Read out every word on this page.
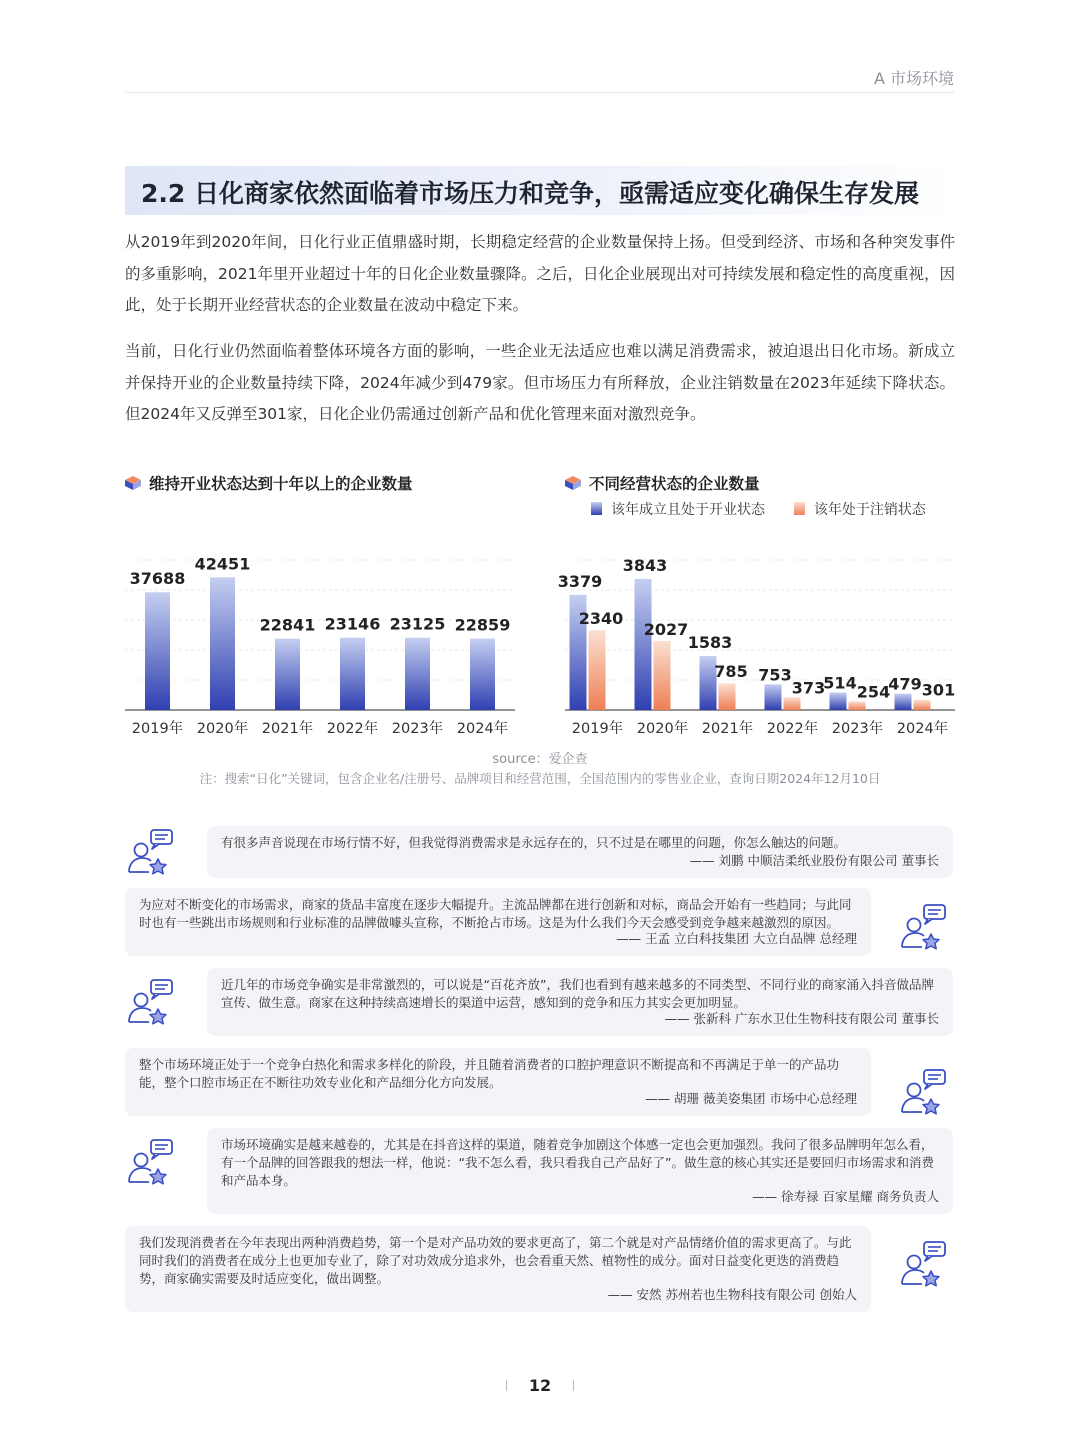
A 市场环境
2.2 日化商家依然面临着市场压力和竞争，亟需适应变化确保生存发展
从2019年到2020年间，日化行业正值鼎盛时期，长期稳定经营的企业数量保持上扬。但受到经济、市场和各种突发事件的多重影响，2021年里开业超过十年的日化企业数量骤降。之后，日化企业展现出对可持续发展和稳定性的高度重视，因此，处于长期开业经营状态的企业数量在波动中稳定下来。
当前，日化行业仍然面临着整体环境各方面的影响，一些企业无法适应也难以满足消费需求，被迫退出日化市场。新成立并保持开业的企业数量持续下降，2024年减少到479家。但市场压力有所释放，企业注销数量在2023年延续下降状态。但2024年又反弹至301家，日化企业仍需通过创新产品和优化管理来面对激烈竞争。
维持开业状态达到十年以上的企业数量
37688
2019年
42451
2020年
22841
2021年
23146
2022年
23125
2023年
22859
2024年
不同经营状态的企业数量
该年成立且处于开业状态	该年处于注销状态
3379
2340
2019年
3843
2027
2020年
1583
785
2021年
753
373
2022年
514 254
2023年
479 301
2024年
source：爱企查
注：搜索“日化”关键词，包含企业名/注册号、品牌项目和经营范围，全国范围内的零售业企业，查询日期2024年12月10日
有很多声音说现在市场行情不好，但我觉得消费需求是永远存在的，只不过是在哪里的问题，你怎么触达的问题。
—— 刘鹏 中顺洁柔纸业股份有限公司 董事长
为应对不断变化的市场需求，商家的货品丰富度在逐步大幅提升。主流品牌都在进行创新和对标，商品会开始有一些趋同；与此同时也有一些跳出市场规则和行业标准的品牌做噱头宣称，不断抢占市场。这是为什么我们今天会感受到竞争越来越激烈的原因。
—— 王孟 立白科技集团 大立白品牌 总经理
近几年的市场竞争确实是非常激烈的，可以说是“百花齐放”，我们也看到有越来越多的不同类型、不同行业的商家涌入抖音做品牌宣传、做生意。商家在这种持续高速增长的渠道中运营，感知到的竞争和压力其实会更加明显。
—— 张新科 广东水卫仕生物科技有限公司 董事长
整个市场环境正处于一个竞争白热化和需求多样化的阶段，并且随着消费者的口腔护理意识不断提高和不再满足于单一的产品功能，整个口腔市场正在不断往功效专业化和产品细分化方向发展。
—— 胡珊 薇美姿集团 市场中心总经理
市场环境确实是越来越卷的，尤其是在抖音这样的渠道，随着竞争加剧这个体感一定也会更加强烈。我问了很多品牌明年怎么看，有一个品牌的回答跟我的想法一样，他说：“我不怎么看，我只看我自己产品好了”。做生意的核心其实还是要回归市场需求和消费和产品本身。
—— 徐寿禄 百家星耀 商务负责人
我们发现消费者在今年表现出两种消费趋势，第一个是对产品功效的要求更高了，第二个就是对产品情绪价值的需求更高了。与此同时我们的消费者在成分上也更加专业了，除了对功效成分追求外，也会看重天然、植物性的成分。面对日益变化更迭的消费趋势，商家确实需要及时适应变化，做出调整。
—— 安然 苏州若也生物科技有限公司 创始人
12
